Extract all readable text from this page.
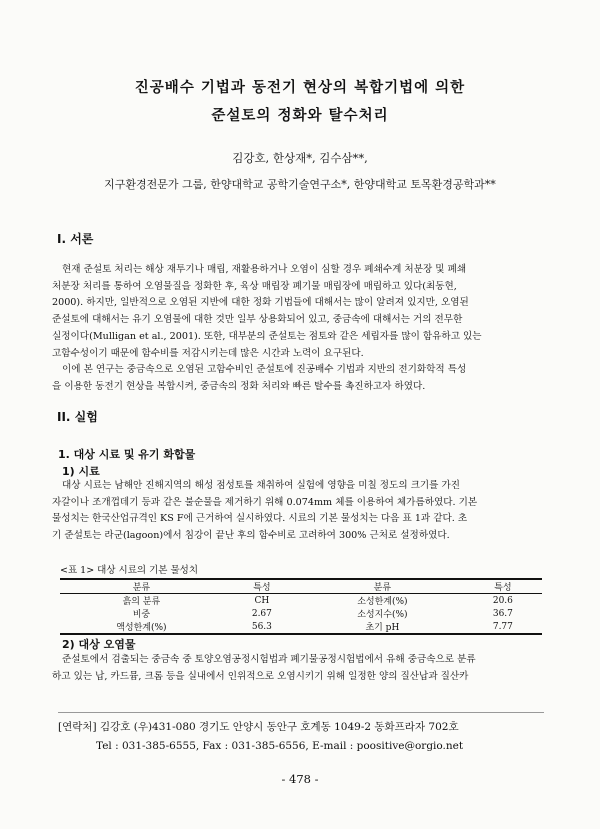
진공배수 기법과 동전기 현상의 복합기법에 의한
준설토의 정화와 탈수처리
김강호, 한상재*, 김수삼**,
지구환경전문가 그룹, 한양대학교 공학기술연구소*, 한양대학교 토목환경공학과**
I. 서론

현재 준설토 처리는 해상 재투기나 매립, 재활용하거나 오염이 심할 경우 폐쇄수계 처분장 및 폐쇄
처분장 처리를 통하여 오염물질을 정화한 후, 육상 매립장 폐기물 매립장에 매립하고 있다(최동현,
2000). 하지만, 일반적으로 오염된 지반에 대한 정화 기법들에 대해서는 많이 알려져 있지만, 오염된
준설토에 대해서는 유기 오염물에 대한 것만 일부 상용화되어 있고, 중금속에 대해서는 거의 전무한
실정이다(Mulligan et al., 2001). 또한, 대부분의 준설토는 점토와 같은 세립자를 많이 함유하고 있는
고함수성이기 때문에 함수비를 저감시키는데 많은 시간과 노력이 요구된다.

이에 본 연구는 중금속으로 오염된 고함수비인 준설토에 진공배수 기법과 지반의 전기화학적 특성
을 이용한 동전기 현상을 복합시켜, 중금속의 정화 처리와 빠른 탈수를 촉진하고자 하였다.

II. 실험
1. 대상 시료 및 유기 화합물
1) 시료

대상 시료는 남해안 진해지역의 해성 점성토를 채취하여 실험에 영향을 미칠 정도의 크기를 가진
자갈이나 조개껍데기 등과 같은 불순물을 제거하기 위해 0.074mm 체를 이용하여 체가름하였다. 기본
물성치는 한국산업규격인 KS F에 근거하여 실시하였다. 시료의 기본 물성치는 다음 표 1과 같다. 초
기 준설토는 라군(lagoon)에서 침강이 끝난 후의 함수비로 고려하여 300% 근처로 설정하였다.

<표 1> 대상 시료의 기본 물성치
분류	특성	분류	특성
흙의 분류	CH	소성한계(%)	20.6
비중	2.67	소성지수(%)	36.7
액성한계(%)	56.3	초기 pH	7.77
2) 대상 오염물

준설토에서 검출되는 중금속 중 토양오염공정시험법과 폐기물공정시험법에서 유해 중금속으로 분류
하고 있는 납, 카드뮴, 크롬 등을 실내에서 인위적으로 오염시키기 위해 일정한 양의 질산납과 질산카

[연락처] 김강호 (우)431-080 경기도 안양시 동안구 호계동 1049-2 동화프라자 702호
Tel : 031-385-6555, Fax : 031-385-6556, E-mail : poositive@orgio.net
- 478 -
